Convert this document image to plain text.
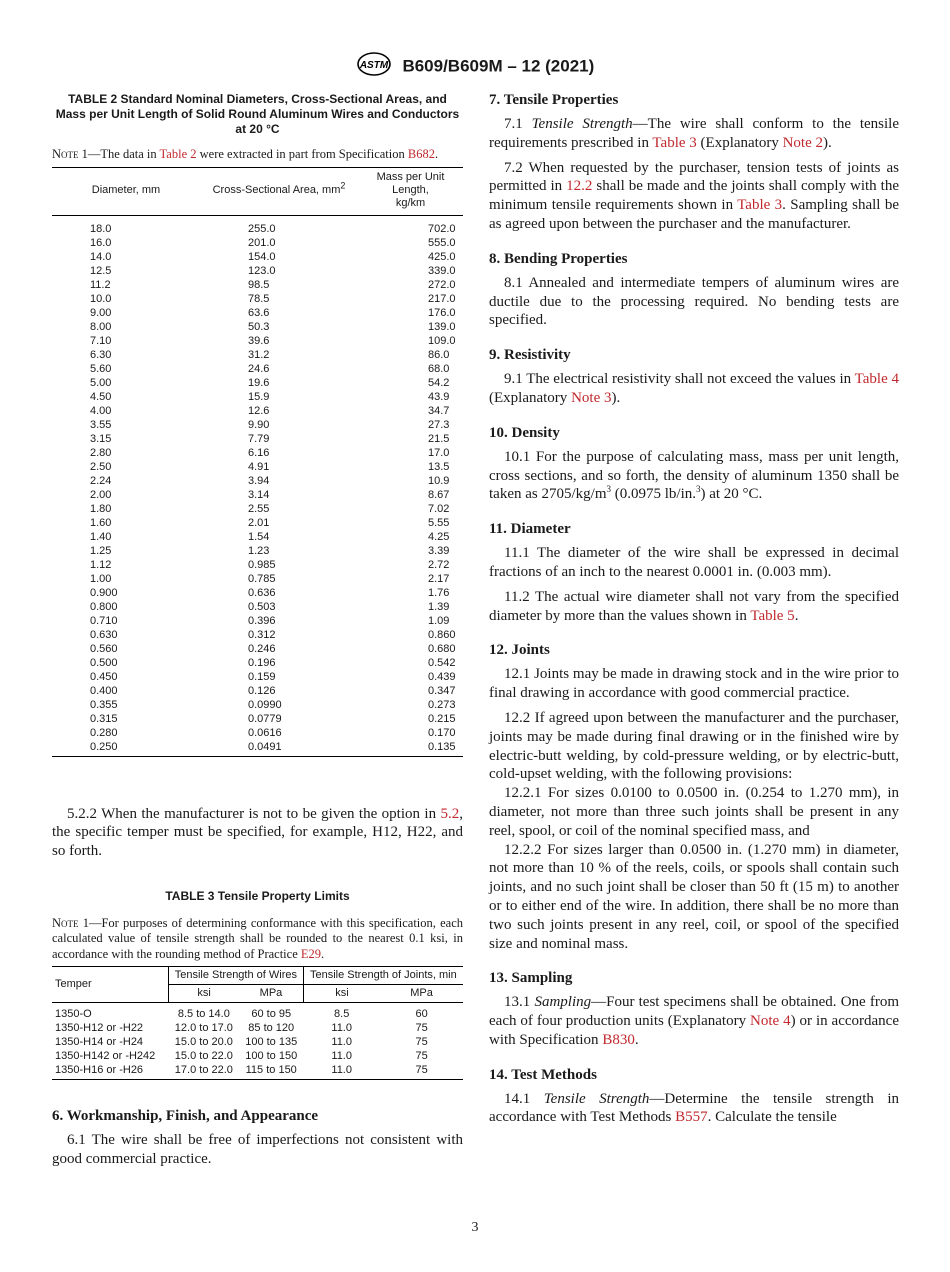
ASTM B609/B609M – 12 (2021)
TABLE 2 Standard Nominal Diameters, Cross-Sectional Areas, and Mass per Unit Length of Solid Round Aluminum Wires and Conductors at 20 °C
Note 1—The data in Table 2 were extracted in part from Specification B682.
Diameter, mm	Cross-Sectional Area, $mm^2$	Mass per Unit Length,
kg/km
18.0	255.0	702.0
16.0	201.0	555.0
14.0	154.0	425.0
12.5	123.0	339.0
11.2	98.5	272.0
10.0	78.5	217.0
9.00	63.6	176.0
8.00	50.3	139.0
7.10	39.6	109.0
6.30	31.2	86.0
5.60	24.6	68.0
5.00	19.6	54.2
4.50	15.9	43.9
4.00	12.6	34.7
3.55	9.90	27.3
3.15	7.79	21.5
2.80	6.16	17.0
2.50	4.91	13.5
2.24	3.94	10.9
2.00	3.14	8.67
1.80	2.55	7.02
1.60	2.01	5.55
1.40	1.54	4.25
1.25	1.23	3.39
1.12	0.985	2.72
1.00	0.785	2.17
0.900	0.636	1.76
0.800	0.503	1.39
0.710	0.396	1.09
0.630	0.312	0.860
0.560	0.246	0.680
0.500	0.196	0.542
0.450	0.159	0.439
0.400	0.126	0.347
0.355	0.0990	0.273
0.315	0.0779	0.215
0.280	0.0616	0.170
0.250	0.0491	0.135

5.2.2 When the manufacturer is not to be given the option in 5.2, the specific temper must be specified, for example, H12, H22, and so forth.

TABLE 3 Tensile Property Limits
Note 1—For purposes of determining conformance with this specification, each calculated value of tensile strength shall be rounded to the nearest 0.1 ksi, in accordance with the rounding method of Practice E29.
Temper	Tensile Strength of Wires		Tensile Strength of Joints, min	
	ksi	MPa	ksi	MPa
1350-O	8.5 to 14.0	60 to 95	8.5	60
1350-H12 or -H22	12.0 to 17.0	85 to 120	11.0	75
1350-H14 or -H24	15.0 to 20.0	100 to 135	11.0	75
1350-H142 or -H242	15.0 to 22.0	100 to 150	11.0	75
1350-H16 or -H26	17.0 to 22.0	115 to 150	11.0	75

6. Workmanship, Finish, and Appearance

6.1 The wire shall be free of imperfections not consistent with good commercial practice.

7. Tensile Properties

7.1 Tensile Strength—The wire shall conform to the tensile requirements prescribed in Table 3 (Explanatory Note 2).

7.2 When requested by the purchaser, tension tests of joints as permitted in 12.2 shall be made and the joints shall comply with the minimum tensile requirements shown in Table 3. Sampling shall be as agreed upon between the purchaser and the manufacturer.

8. Bending Properties

8.1 Annealed and intermediate tempers of aluminum wires are ductile due to the processing required. No bending tests are specified.

9. Resistivity

9.1 The electrical resistivity shall not exceed the values in Table 4 (Explanatory Note 3).

10. Density

10.1 For the purpose of calculating mass, mass per unit length, cross sections, and so forth, the density of aluminum 1350 shall be taken as $2705/kg/m^3$ (0.0975 lb/in.$^3$) at 20 °C.

11. Diameter

11.1 The diameter of the wire shall be expressed in decimal fractions of an inch to the nearest 0.0001 in. (0.003 mm).

11.2 The actual wire diameter shall not vary from the specified diameter by more than the values shown in Table 5.

12. Joints

12.1 Joints may be made in drawing stock and in the wire prior to final drawing in accordance with good commercial practice.

12.2 If agreed upon between the manufacturer and the purchaser, joints may be made during final drawing or in the finished wire by electric-butt welding, by cold-pressure welding, or by electric-butt, cold-upset welding, with the following provisions:

12.2.1 For sizes 0.0100 to 0.0500 in. (0.254 to 1.270 mm), in diameter, not more than three such joints shall be present in any reel, spool, or coil of the nominal specified mass, and

12.2.2 For sizes larger than 0.0500 in. (1.270 mm) in diameter, not more than 10 % of the reels, coils, or spools shall contain such joints, and no such joint shall be closer than 50 ft (15 m) to another or to either end of the wire. In addition, there shall be no more than two such joints present in any reel, coil, or spool of the specified size and nominal mass.

13. Sampling

13.1 Sampling—Four test specimens shall be obtained. One from each of four production units (Explanatory Note 4) or in accordance with Specification B830.

14. Test Methods

14.1 Tensile Strength—Determine the tensile strength in accordance with Test Methods B557. Calculate the tensile

3
